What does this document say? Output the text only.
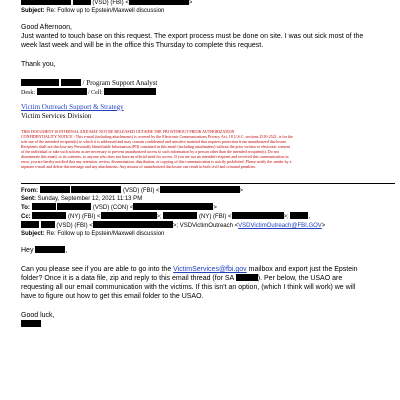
(VSD) (FBI) <	>
Subject: Re: Follow up to Epstein/Maxwell discussion
Good Afternoon,
Just wanted to touch base on this request. The export process must be done on site. I was out sick most of the
week last week and will be in the office this Thursday to complete this request.
Thank you,
/ Program Support Analyst
Desk:	/ Cell:
Victim Outreach Support & Strategy
Victim Services Division
THIS DOCUMENT IS INTERNAL AND MAY NOT BE RELEASED OUTSIDE THE FBI WITHOUT PRIOR AUTHORIZATION
CONFIDENTIALITY NOTICE - This e-mail (including attachments) is covered by the Electronic Communications Privacy Act, 18 U.S.C. sections 2510-2521, is for the
sole use of the intended recipient(s) to which it is addressed and may contain confidential and sensitive material that requires protection from unauthorized disclosure.
Recipients shall not disclose any Personally Identifiable Information (PII) contained in this email (including attachments) without the prior written or electronic consent
of the individual or take such actions as are necessary to prevent unauthorized access to such information by a person other than the intended recipient(s). Do not
disseminate this email, or its contents, to anyone who does not have an official need for access. If you are not an intended recipient and received this communication in
error, you are hereby notified that any retention, review, dissemination, distribution, or copying of this communication is strictly prohibited. Please notify the sender by a
separate e-mail and delete this message and any attachments. Any misuse of unauthorized disclosure can result in both civil and criminal penalties.
From:	(VSD) (FBI) <	>
Sent: Sunday, September 12, 2021 11:13 PM
To:	(VSD) (CON) <	>
Cc:	(NY) (FBI) <	>;	(NY) (FBI) <	>;	,
(VSD) (FBI) <	>; VSDVictimOutreach <VSDVictimOutreach@FBI.GOV>
Subject: Re: Follow up to Epstein/Maxwell discussion
Hey	,
Can you please see if you are able to go into the VictimServices@fbi.gov mailbox and export just the Epstein
folder? Once it is a data file, zip and reply to this email thread (for SA	). Per below, the USAO are
requesting all our email communication with the victims. If this isn't an option, (which I think will work) we will
have to figure out how to get this email folder to the USAO.
Good luck,
